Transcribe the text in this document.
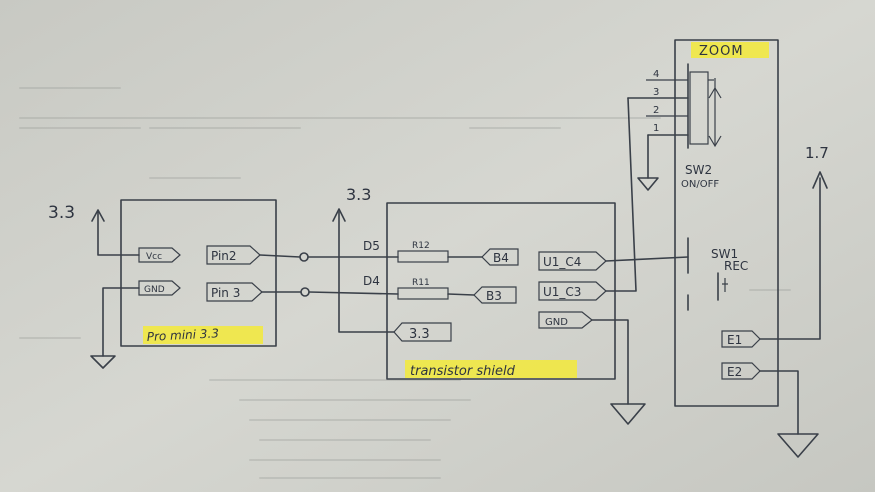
Pro mini 3.3
Vcc
GND
Pin2
Pin 3
3.3
transistor shield
D5	R12
B4
D4	R11
B3
3.3
3.3
U1_C4
U1_C3
GND
ZOOM
4
3
2
1
SW2
ON/OFF
SW1
REC
E1
E2
1.7
